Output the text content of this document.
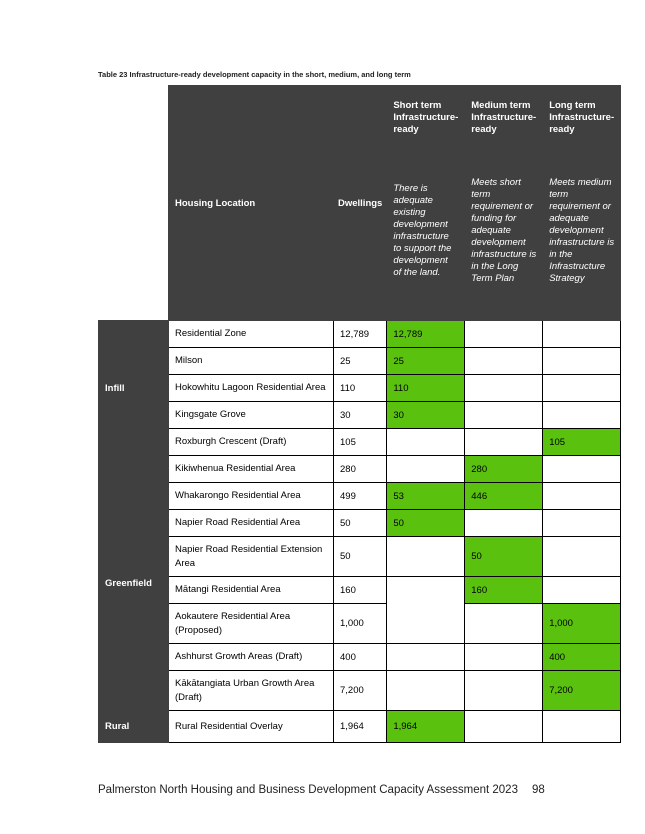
Table 23 Infrastructure-ready development capacity in the short, medium, and long term
	Housing Location	Dwellings	Short term Infrastructure-ready	Medium term Infrastructure-ready	Long term Infrastructure-ready
			There is adequate existing development infrastructure to support the development of the land.	Meets short term requirement or funding for adequate development infrastructure is in the Long Term Plan	Meets medium term requirement or adequate development infrastructure is in the Infrastructure Strategy
Infill	Residential Zone	12,789	12,789		
	Milson	25	25		
	Hokowhitu Lagoon Residential Area	110	110		
	Kingsgate Grove	30	30		
	Roxburgh Crescent (Draft)	105			105
Greenfield	Kikiwhenua Residential Area	280		280	
	Whakarongo Residential Area	499	53	446	
	Napier Road Residential Area	50	50		
	Napier Road Residential Extension Area	50		50	
	Mātangi Residential Area	160		160	
	Aokautere Residential Area (Proposed)	1,000			1,000
	Ashhurst Growth Areas (Draft)	400			400
	Kākātangiata Urban Growth Area (Draft)	7,200			7,200
Rural	Rural Residential Overlay	1,964	1,964		
Palmerston North Housing and Business Development Capacity Assessment 2023 98
